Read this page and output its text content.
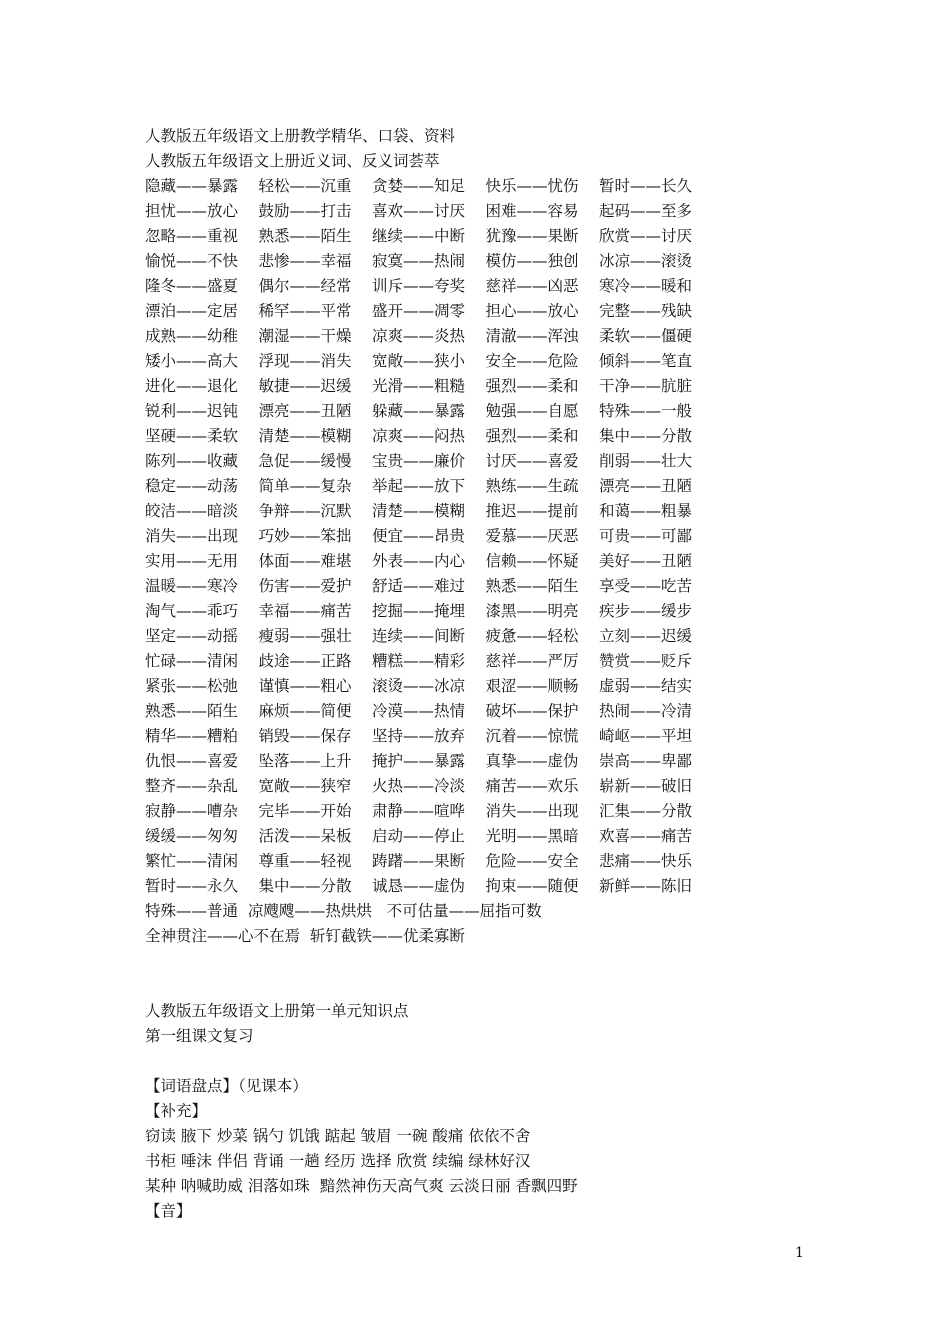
人教版五年级语文上册教学精华、口袋、资料
人教版五年级语文上册近义词、反义词荟萃
隐藏——暴露	轻松——沉重	贪婪——知足	快乐——忧伤	暂时——长久
担忧——放心	鼓励——打击	喜欢——讨厌	困难——容易	起码——至多
忽略——重视	熟悉——陌生	继续——中断	犹豫——果断	欣赏——讨厌
愉悦——不快	悲惨——幸福	寂寞——热闹	模仿——独创	冰凉——滚烫
隆冬——盛夏	偶尔——经常	训斥——夸奖	慈祥——凶恶	寒冷——暖和
漂泊——定居	稀罕——平常	盛开——凋零	担心——放心	完整——残缺
成熟——幼稚	潮湿——干燥	凉爽——炎热	清澈——浑浊	柔软——僵硬
矮小——高大	浮现——消失	宽敞——狭小	安全——危险	倾斜——笔直
进化——退化	敏捷——迟缓	光滑——粗糙	强烈——柔和	干净——肮脏
锐利——迟钝	漂亮——丑陋	躲藏——暴露	勉强——自愿	特殊——一般
坚硬——柔软	清楚——模糊	凉爽——闷热	强烈——柔和	集中——分散
陈列——收藏	急促——缓慢	宝贵——廉价	讨厌——喜爱	削弱——壮大
稳定——动荡	简单——复杂	举起——放下	熟练——生疏	漂亮——丑陋
皎洁——暗淡	争辩——沉默	清楚——模糊	推迟——提前	和蔼——粗暴
消失——出现	巧妙——笨拙	便宜——昂贵	爱慕——厌恶	可贵——可鄙
实用——无用	体面——难堪	外表——内心	信赖——怀疑	美好——丑陋
温暖——寒冷	伤害——爱护	舒适——难过	熟悉——陌生	享受——吃苦
淘气——乖巧	幸福——痛苦	挖掘——掩埋	漆黑——明亮	疾步——缓步
坚定——动摇	瘦弱——强壮	连续——间断	疲惫——轻松	立刻——迟缓
忙碌——清闲	歧途——正路	糟糕——精彩	慈祥——严厉	赞赏——贬斥
紧张——松弛	谨慎——粗心	滚烫——冰凉	艰涩——顺畅	虚弱——结实
熟悉——陌生	麻烦——简便	冷漠——热情	破坏——保护	热闹——冷清
精华——糟粕	销毁——保存	坚持——放弃	沉着——惊慌	崎岖——平坦
仇恨——喜爱	坠落——上升	掩护——暴露	真挚——虚伪	崇高——卑鄙
整齐——杂乱	宽敞——狭窄	火热——冷淡	痛苦——欢乐	崭新——破旧
寂静——嘈杂	完毕——开始	肃静——喧哗	消失——出现	汇集——分散
缓缓——匆匆	活泼——呆板	启动——停止	光明——黑暗	欢喜——痛苦
繁忙——清闲	尊重——轻视	踌躇——果断	危险——安全	悲痛——快乐
暂时——永久	集中——分散	诚恳——虚伪	拘束——随便	新鲜——陈旧
特殊——普通  凉飕飕——热烘烘   不可估量——屈指可数
全神贯注——心不在焉  斩钉截铁——优柔寡断
人教版五年级语文上册第一单元知识点
第一组课文复习
【词语盘点】（见课本）
【补充】
窃读 腋下 炒菜 锅勺 饥饿 踮起 皱眉 一碗 酸痛 依依不舍
书柜 唾沫 伴侣 背诵 一趟 经历 选择 欣赏 续编 绿林好汉
某种 呐喊助威 泪落如珠  黯然神伤天高气爽 云淡日丽 香飘四野
【音】
1
